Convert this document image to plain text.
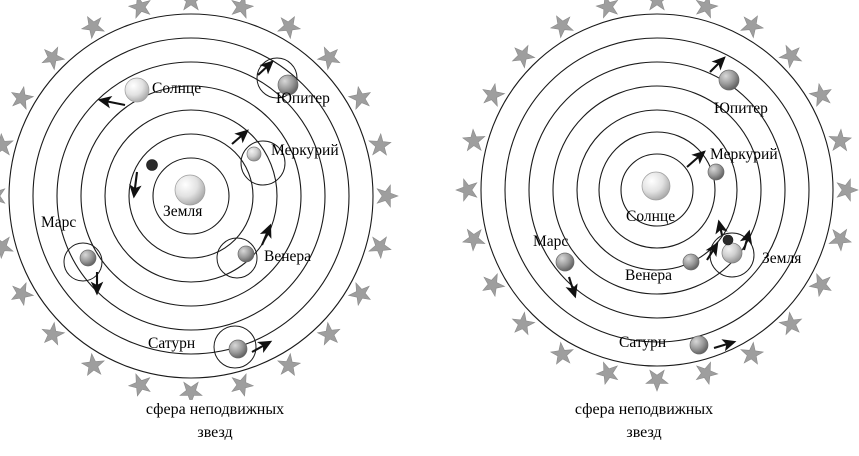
Солнце
Юпитер
Меркурий
Земля
Марс
Венера
Сатурн
сфера неподвижных
звезд
Юпитер
Меркурий
Солнце
Земля
Марс
Венера
Сатурн
сфера неподвижных
звезд
